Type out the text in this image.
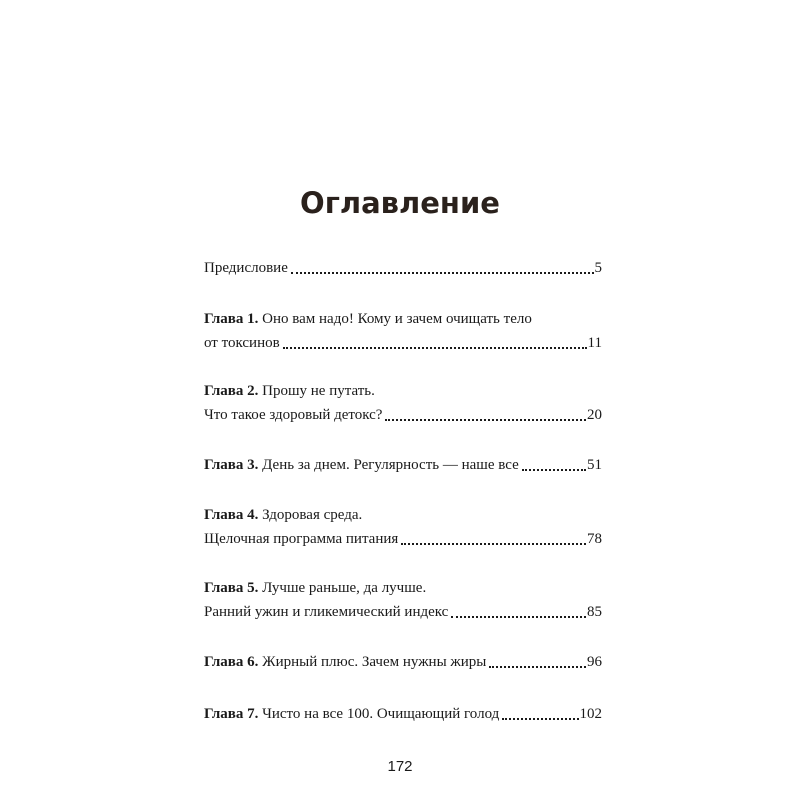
Оглавление
Предисловие	5
Глава 1.
Оно вам надо! Кому и зачем очищать тело
от токсинов	11
Глава 2.
Прошу не путать.
Что такое здоровый детокс?	20
Глава 3.
День за днем. Регулярность — наше все	51
Глава 4.
Здоровая среда.
Щелочная программа питания	78
Глава 5.
Лучше раньше, да лучше.
Ранний ужин и гликемический индекс	85
Глава 6.
Жирный плюс. Зачем нужны жиры	96
Глава 7.
Чисто на все 100. Очищающий голод	102
172
